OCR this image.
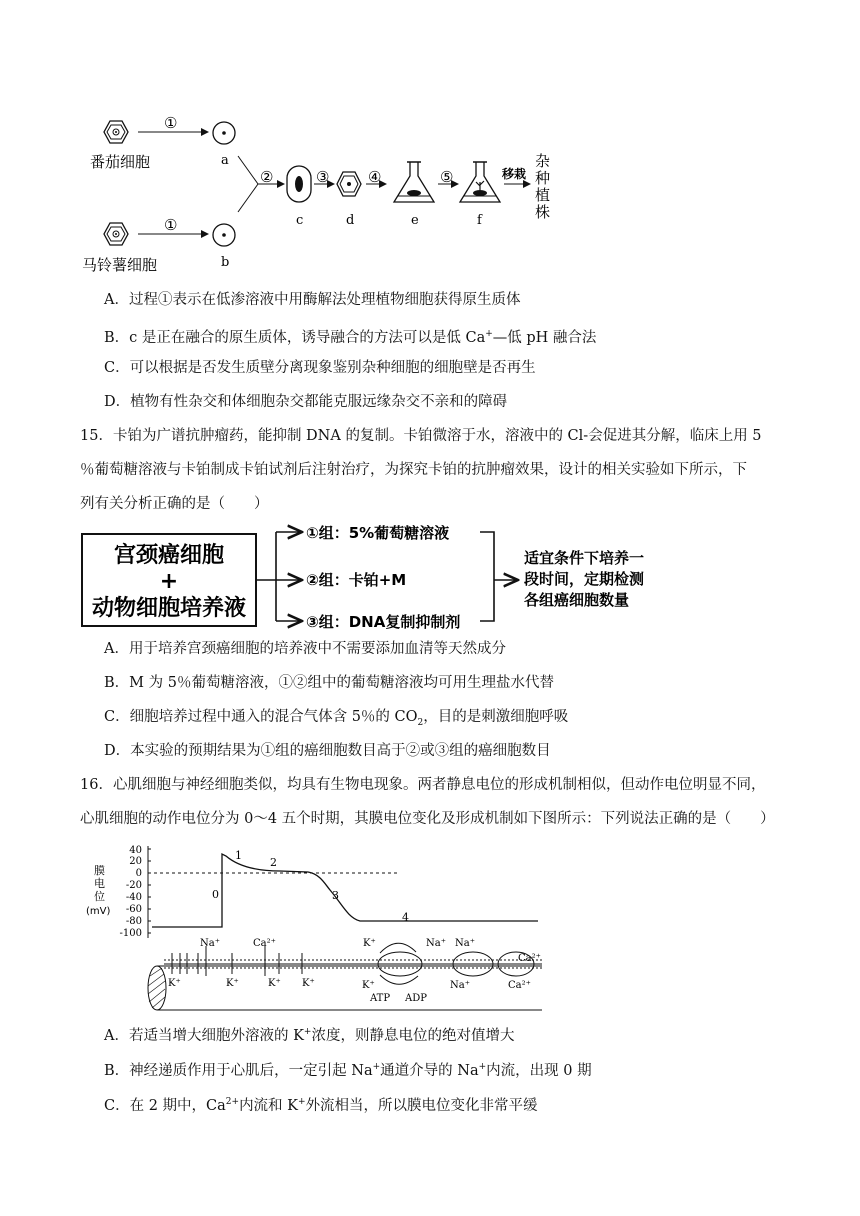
①
a
番茄细胞
①
b
马铃薯细胞
②
c
③
d
④
e
⑤
f
移栽
杂
种
植
株
A．过程①表示在低渗溶液中用酶解法处理植物细胞获得原生质体
B．c 是正在融合的原生质体，诱导融合的方法可以是低 Ca+—低 pH 融合法
C．可以根据是否发生质壁分离现象鉴别杂种细胞的细胞壁是否再生
D．植物有性杂交和体细胞杂交都能克服远缘杂交不亲和的障碍
15．卡铂为广谱抗肿瘤药，能抑制 DNA 的复制。卡铂微溶于水，溶液中的 Cl-会促进其分解，临床上用 5
％葡萄糖溶液与卡铂制成卡铂试剂后注射治疗，为探究卡铂的抗肿瘤效果，设计的相关实验如下所示，下
列有关分析正确的是（　　）
宫颈癌细胞
+
动物细胞培养液
①组：5%葡萄糖溶液
②组：卡铂+M
③组：DNA复制抑制剂
适宜条件下培养一
段时间，定期检测
各组癌细胞数量
A．用于培养宫颈癌细胞的培养液中不需要添加血清等天然成分
B．M 为 5％葡萄糖溶液，①②组中的葡萄糖溶液均可用生理盐水代替
C．细胞培养过程中通入的混合气体含 5％的 $CO_2$，目的是刺激细胞呼吸
D．本实验的预期结果为①组的癌细胞数目高于②或③组的癌细胞数目
16．心肌细胞与神经细胞类似，均具有生物电现象。两者静息电位的形成机制相似，但动作电位明显不同，
心肌细胞的动作电位分为 0～4 五个时期，其膜电位变化及形成机制如下图所示：下列说法正确的是（　　）
膜
电
位
(mV)
40
20
0
-20
-40
-60
-80
-100
0
1
2
3
4
Na⁺	Ca²⁺	K⁺	Na⁺ Na⁺
Ca²⁺
K⁺	K⁺	K⁺ K⁺	K⁺	Na⁺	Ca²⁺
ATP ADP
A．若适当增大细胞外溶液的 K+浓度，则静息电位的绝对值增大
B．神经递质作用于心肌后，一定引起 Na+通道介导的 Na+内流，出现 0 期
C．在 2 期中，$Ca^{2+}$内流和 K+外流相当，所以膜电位变化非常平缓
